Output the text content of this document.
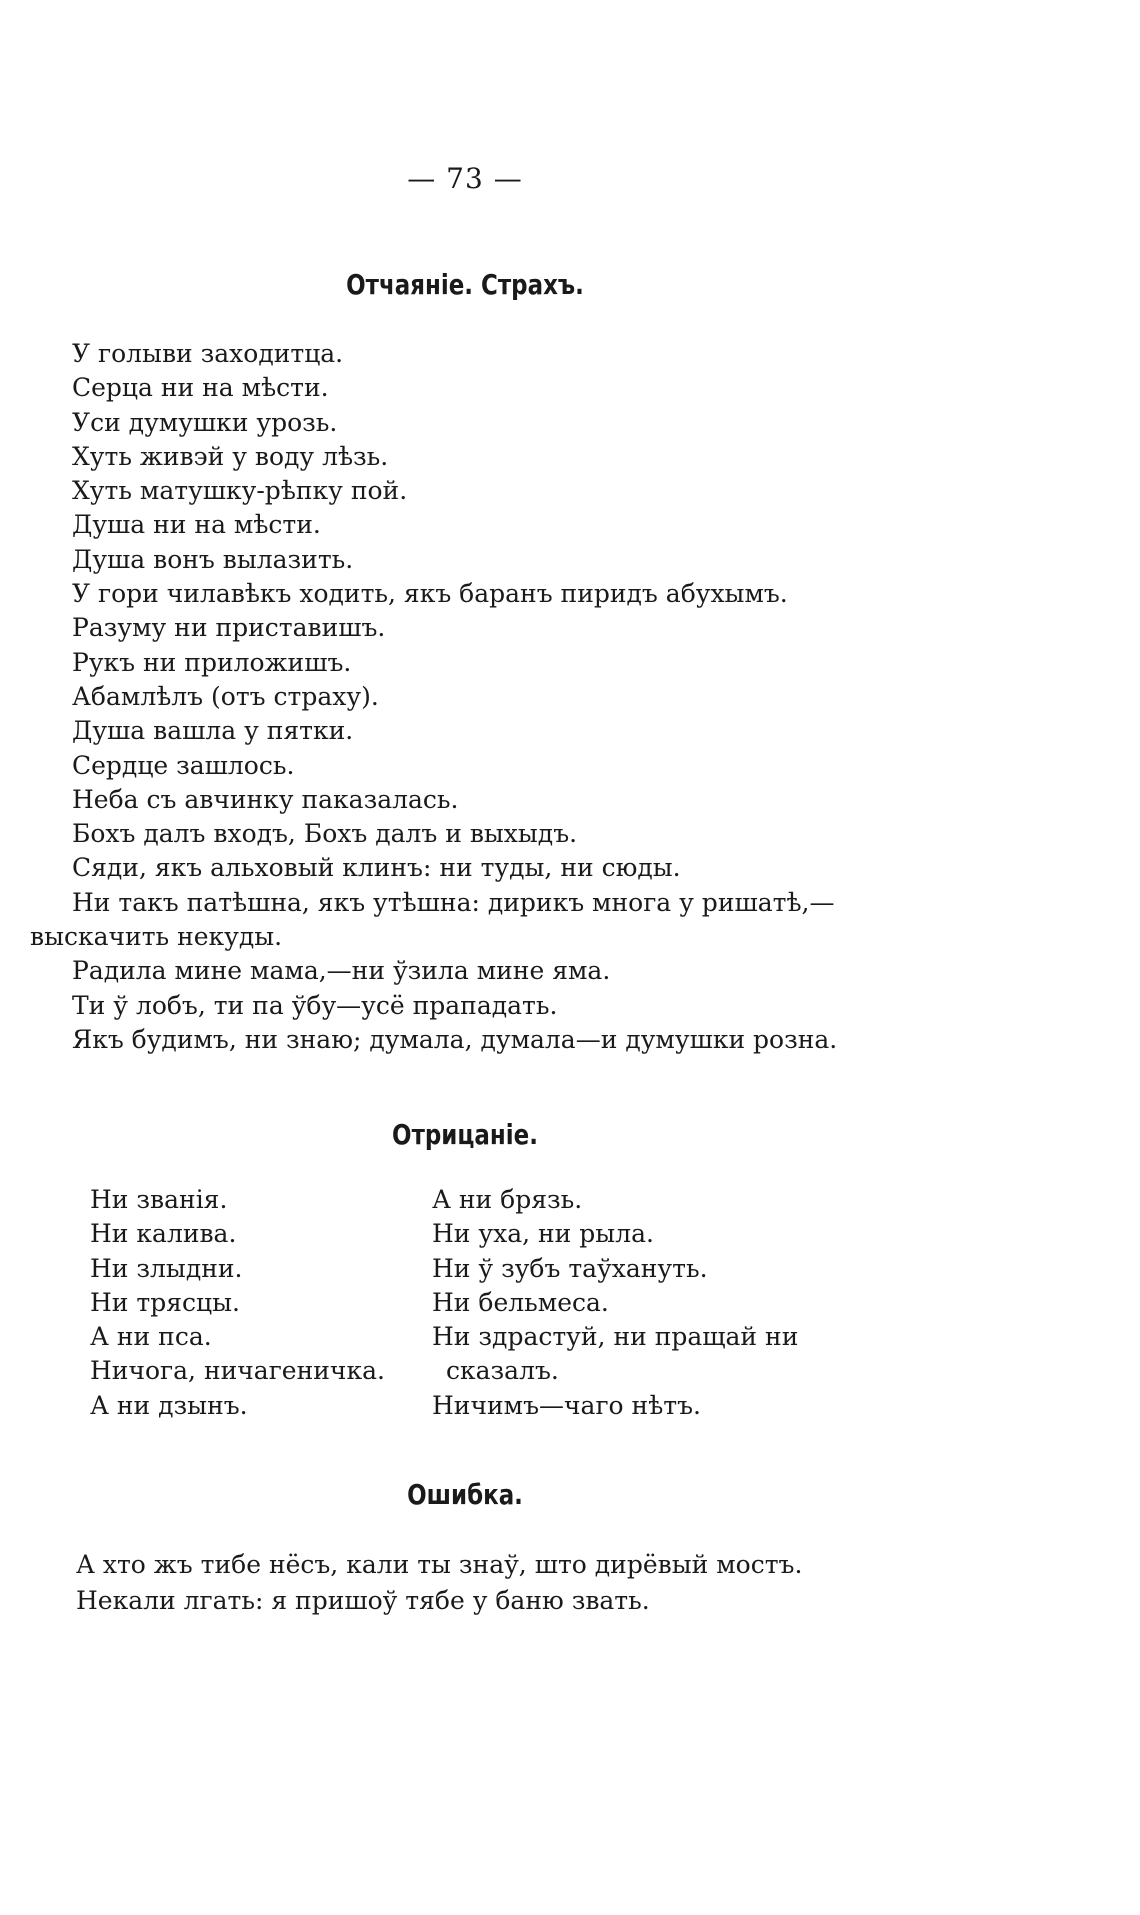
— 73 —
Отчаяніе. Страхъ.
У голыви заходитца.
Серца ни на мѣсти.
Уси думушки урозь.
Хуть живэй у воду лѣзь.
Хуть матушку-рѣпку пой.
Душа ни на мѣсти.
Душа вонъ вылазить.
У гори чилавѣкъ ходить, якъ баранъ пиридъ абухымъ.
Разуму ни приставишъ.
Рукъ ни приложишъ.
Абамлѣлъ (отъ страху).
Душа вашла у пятки.
Сердце зашлось.
Неба съ авчинку паказалась.
Бохъ далъ входъ, Бохъ далъ и выхыдъ.
Сяди, якъ альховый клинъ: ни туды, ни сюды.
Ни такъ патѣшна, якъ утѣшна: дирикъ многа у ришатѣ,—
выскачить некуды.
Радила мине мама,—ни ўзила мине яма.
Ти ў лобъ, ти па ўбу—усё прападать.
Якъ будимъ, ни знаю; думала, думала—и думушки розна.
Отрицаніе.
Ни званія.
Ни калива.
Ни злыдни.
Ни трясцы.
А ни пса.
Ничога, ничагеничка.
А ни дзынъ.
А ни брязь.
Ни уха, ни рыла.
Ни ў зубъ таўхануть.
Ни бельмеса.
Ни здрастуй, ни пращай ни
сказалъ.
Ничимъ—чаго нѣтъ.
Ошибка.
А хто жъ тибе нёсъ, кали ты знаў, што дирёвый мостъ.
Некали лгать: я пришоў тябе у баню звать.
